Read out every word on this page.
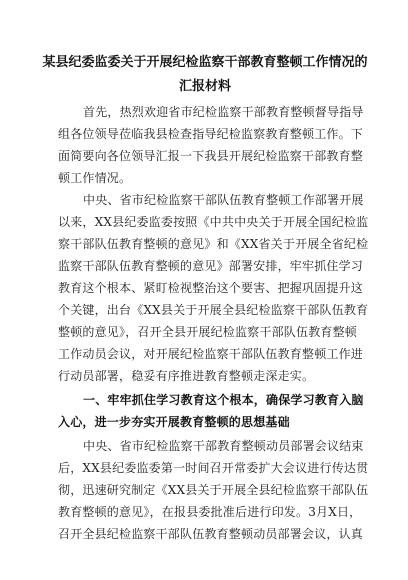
某县纪委监委关于开展纪检监察干部教育整顿工作情况的
汇报材料
首先，热烈欢迎省市纪检监察干部教育整顿督导指导
组各位领导莅临我县检查指导纪检监察教育整顿工作。下
面简要向各位领导汇报一下我县开展纪检监察干部教育整
顿工作情况。
中央、省市纪检监察干部队伍教育整顿工作部署开展
以来，XX县纪委监委按照《中共中央关于开展全国纪检监
察干部队伍教育整顿的意见》和《XX省关于开展全省纪检
监察干部队伍教育整顿的意见》部署安排，牢牢抓住学习
教育这个根本、紧盯检视整治这个要害、把握巩固提升这
个关键，出台《XX县关于开展全县纪检监察干部队伍教育
整顿的意见》，召开全县开展纪检监察干部队伍教育整顿
工作动员会议，对开展纪检监察干部队伍教育整顿工作进
行动员部署，稳妥有序推进教育整顿走深走实。
一、牢牢抓住学习教育这个根本，确保学习教育入脑
入心，进一步夯实开展教育整顿的思想基础
中央、省市纪检监察干部教育整顿动员部署会议结束
后，XX县纪委监委第一时间召开常委扩大会议进行传达贯
彻，迅速研究制定《XX县关于开展全县纪检监察干部队伍
教育整顿的意见》，在报县委批准后进行印发。3月X日，
召开全县纪检监察干部队伍教育整顿动员部署会议，认真
